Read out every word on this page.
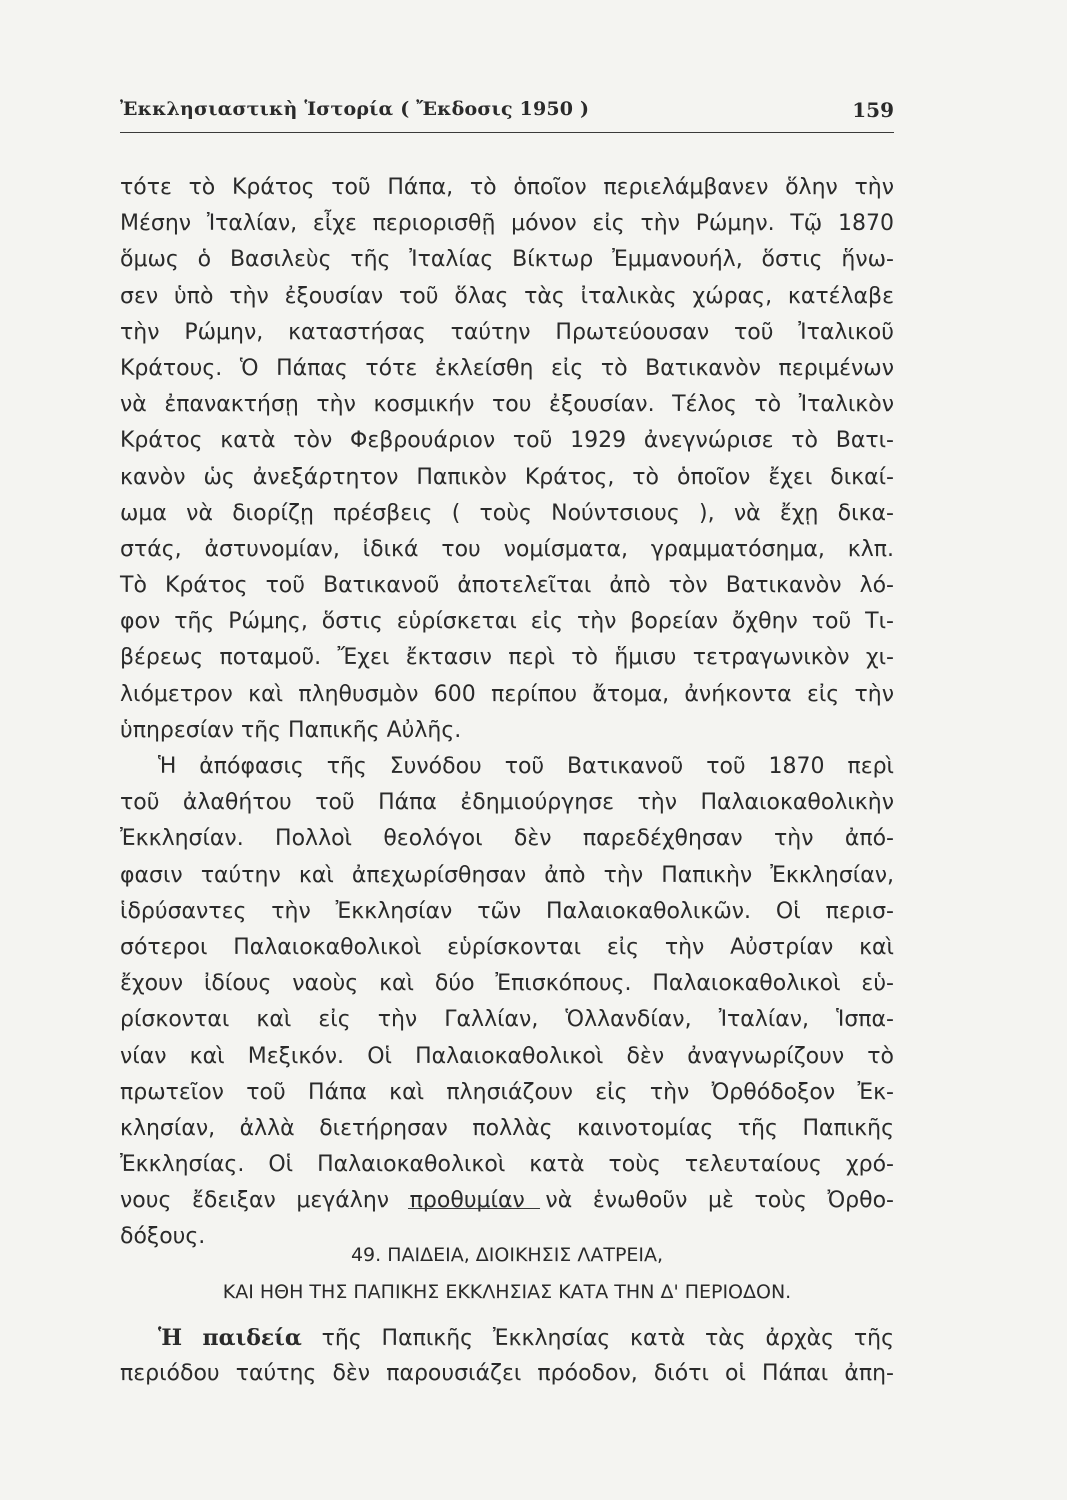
Ἐκκλησιαστικὴ Ἱστορία ( Ἔκδοσις 1950 )	159
τότε τὸ Κράτος τοῦ Πάπα, τὸ ὁποῖον περιελάμβανεν ὅλην τὴν
Μέσην Ἰταλίαν, εἶχε περιορισθῇ μόνον εἰς τὴν Ρώμην. Τῷ 1870
ὅμως ὁ Βασιλεὺς τῆς Ἰταλίας Βίκτωρ Ἐμμανουήλ, ὅστις ἥνω-
σεν ὑπὸ τὴν ἐξουσίαν τοῦ ὅλας τὰς ἰταλικὰς χώρας, κατέλαβε
τὴν Ρώμην, καταστήσας ταύτην Πρωτεύουσαν τοῦ Ἰταλικοῦ
Κράτους. Ὁ Πάπας τότε ἐκλείσθη εἰς τὸ Βατικανὸν περιμένων
νὰ ἐπανακτήσῃ τὴν κοσμικήν του ἐξουσίαν. Τέλος τὸ Ἰταλικὸν
Κράτος κατὰ τὸν Φεβρουάριον τοῦ 1929 ἀνεγνώρισε τὸ Βατι-
κανὸν ὡς ἀνεξάρτητον Παπικὸν Κράτος, τὸ ὁποῖον ἔχει δικαί-
ωμα νὰ διορίζῃ πρέσβεις ( τοὺς Νούντσιους ), νὰ ἔχῃ δικα-
στάς, ἀστυνομίαν, ἰδικά του νομίσματα, γραμματόσημα, κλπ.
Τὸ Κράτος τοῦ Βατικανοῦ ἀποτελεῖται ἀπὸ τὸν Βατικανὸν λό-
φον τῆς Ρώμης, ὅστις εὑρίσκεται εἰς τὴν βορείαν ὄχθην τοῦ Τι-
βέρεως ποταμοῦ. Ἔχει ἔκτασιν περὶ τὸ ἥμισυ τετραγωνικὸν χι-
λιόμετρον καὶ πληθυσμὸν 600 περίπου ἄτομα, ἀνήκοντα εἰς τὴν
ὑπηρεσίαν τῆς Παπικῆς Αὐλῆς.
Ἡ ἀπόφασις τῆς Συνόδου τοῦ Βατικανοῦ τοῦ 1870 περὶ
τοῦ ἀλαθήτου τοῦ Πάπα ἐδημιούργησε τὴν Παλαιοκαθολικὴν
Ἐκκλησίαν. Πολλοὶ θεολόγοι δὲν παρεδέχθησαν τὴν ἀπό-
φασιν ταύτην καὶ ἀπεχωρίσθησαν ἀπὸ τὴν Παπικὴν Ἐκκλησίαν,
ἱδρύσαντες τὴν Ἐκκλησίαν τῶν Παλαιοκαθολικῶν. Οἱ περισ-
σότεροι Παλαιοκαθολικοὶ εὑρίσκονται εἰς τὴν Αὐστρίαν καὶ
ἔχουν ἰδίους ναοὺς καὶ δύο Ἐπισκόπους. Παλαιοκαθολικοὶ εὑ-
ρίσκονται καὶ εἰς τὴν Γαλλίαν, Ὁλλανδίαν, Ἰταλίαν, Ἱσπα-
νίαν καὶ Μεξικόν. Οἱ Παλαιοκαθολικοὶ δὲν ἀναγνωρίζουν τὸ
πρωτεῖον τοῦ Πάπα καὶ πλησιάζουν εἰς τὴν Ὀρθόδοξον Ἐκ-
κλησίαν, ἀλλὰ διετήρησαν πολλὰς καινοτομίας τῆς Παπικῆς
Ἐκκλησίας. Οἱ Παλαιοκαθολικοὶ κατὰ τοὺς τελευταίους χρό-
νους ἔδειξαν μεγάλην προθυμίαν νὰ ἑνωθοῦν μὲ τοὺς Ὀρθο-
δόξους.
49. ΠΑΙΔΕΙΑ, ΔΙΟΙΚΗΣΙΣ ΛΑΤΡΕΙΑ,
ΚΑΙ ΗΘΗ ΤΗΣ ΠΑΠΙΚΗΣ ΕΚΚΛΗΣΙΑΣ ΚΑΤΑ ΤΗΝ Δ' ΠΕΡΙΟΔΟΝ.
Ἡ παιδεία τῆς Παπικῆς Ἐκκλησίας κατὰ τὰς ἀρχὰς τῆς
περιόδου ταύτης δὲν παρουσιάζει πρόοδον, διότι οἱ Πάπαι ἀπη-
